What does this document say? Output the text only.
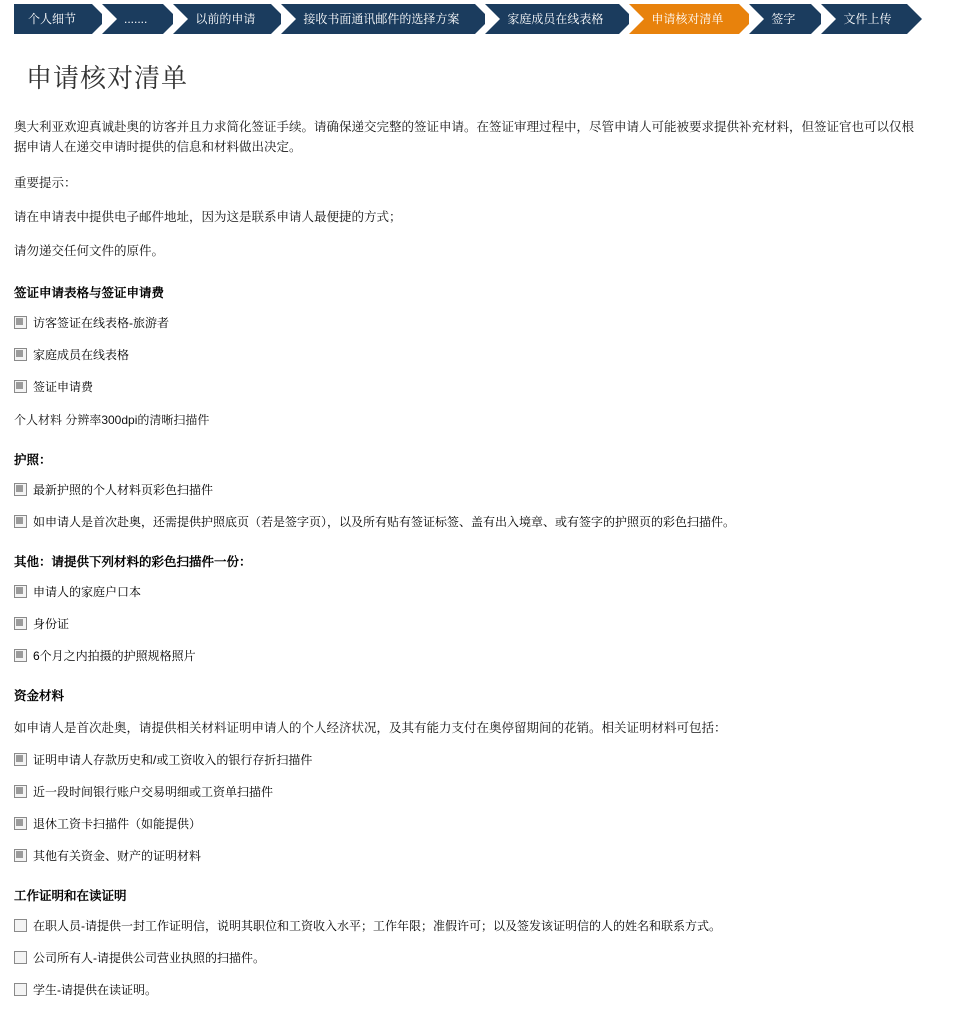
个人细节	.......	以前的申请	接收书面通讯邮件的选择方案	家庭成员在线表格	申请核对清单	签字	文件上传
申请核对清单

奥大利亚欢迎真诚赴奥的访客并且力求简化签证手续。请确保递交完整的签证申请。在签证审理过程中，尽管申请人可能被要求提供补充材料，但签证官也可以仅根据申请人在递交申请时提供的信息和材料做出决定。

重要提示：

请在申请表中提供电子邮件地址，因为这是联系申请人最便捷的方式；

请勿递交任何文件的原件。

签证申请表格与签证申请费
访客签证在线表格-旅游者
家庭成员在线表格
签证申请费
个人材料 分辨率300dpi的清晰扫描件
护照：
最新护照的个人材料页彩色扫描件
如申请人是首次赴奥，还需提供护照底页（若是签字页），以及所有贴有签证标签、盖有出入境章、或有签字的护照页的彩色扫描件。
其他：请提供下列材料的彩色扫描件一份：
申请人的家庭户口本
身份证
6个月之内拍摄的护照规格照片
资金材料

如申请人是首次赴奥，请提供相关材料证明申请人的个人经济状况，及其有能力支付在奥停留期间的花销。相关证明材料可包括：

证明申请人存款历史和/或工资收入的银行存折扫描件
近一段时间银行账户交易明细或工资单扫描件
退休工资卡扫描件（如能提供）
其他有关资金、财产的证明材料
工作证明和在读证明
在职人员-请提供一封工作证明信，说明其职位和工资收入水平；工作年限；准假许可；以及签发该证明信的人的姓名和联系方式。
公司所有人-请提供公司营业执照的扫描件。
学生-请提供在读证明。
